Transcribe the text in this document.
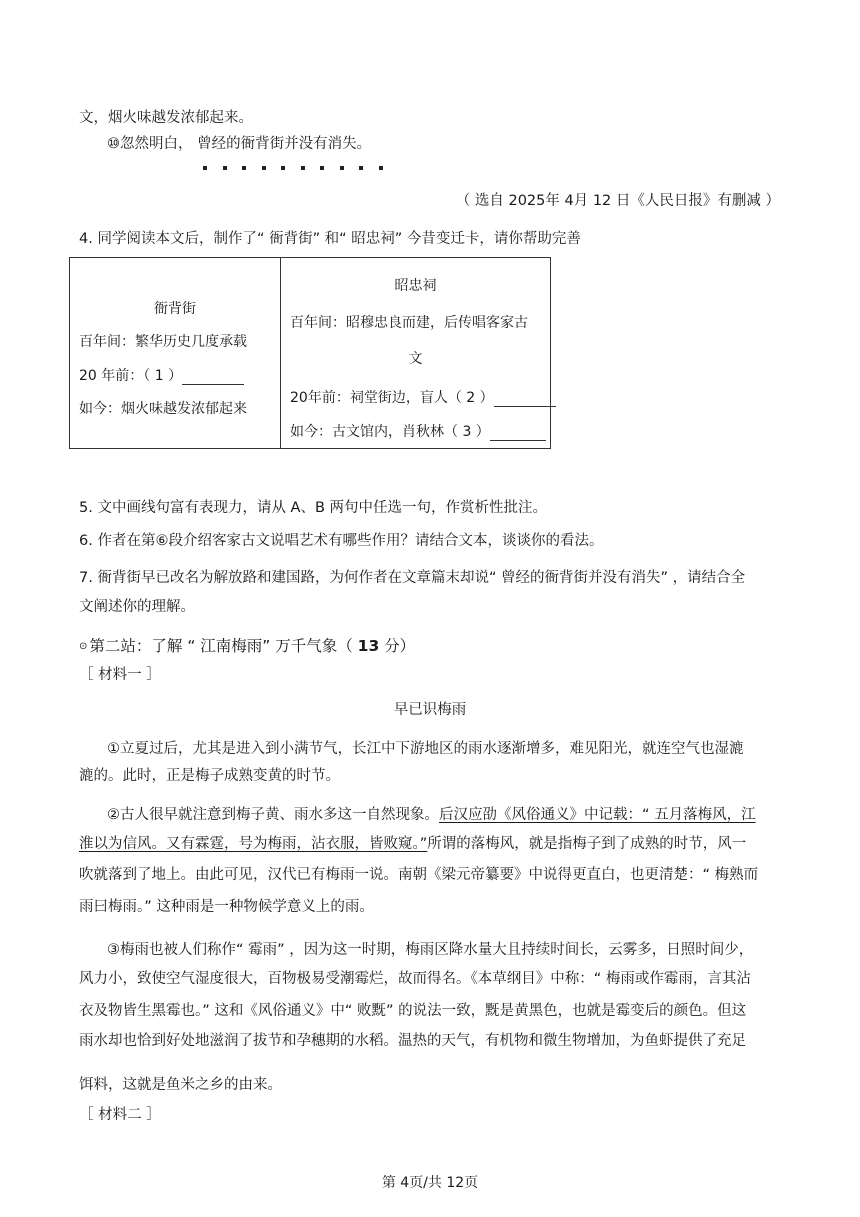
文，烟火味越发浓郁起来。
⑩忽然明白， 曾经的衙背街并没有消失。
（ 选自 2025年 4月 12 日《人民日报》有删减 ）
4. 同学阅读本文后，制作了“ 衙背街” 和“ 昭忠祠” 今昔变迁卡，请你帮助完善
衙背街
百年间：繁华历史几度承载
20 年前：（ 1 ）
如今：烟火味越发浓郁起来

昭忠祠
百年间：昭穆忠良而建，后传唱客家古
文
20年前：祠堂街边，盲人（ 2 ）
如今：古文馆内，肖秋林（ 3 ）
5. 文中画线句富有表现力，请从 A、B 两句中任选一句，作赏析性批注。
6. 作者在第⑥段介绍客家古文说唱艺术有哪些作用？请结合文本，谈谈你的看法。
7. 衙背街早已改名为解放路和建国路，为何作者在文章篇末却说“ 曾经的衙背街并没有消失” ，请结合全
文阐述你的理解。
⊙ 第二站：了解 “ 江南梅雨” 万千气象（ 13 分）
［ 材料一 ］
早已识梅雨
①立夏过后，尤其是进入到小满节气，长江中下游地区的雨水逐渐增多，难见阳光，就连空气也湿漉
漉的。此时，正是梅子成熟变黄的时节。
②古人很早就注意到梅子黄、雨水多这一自然现象。后汉应劭《风俗通义》中记载：“ 五月落梅风，江
淮以为信风。又有霖霆，号为梅雨，沾衣服，皆败窥。”所谓的落梅风，就是指梅子到了成熟的时节，风一
吹就落到了地上。由此可见，汉代已有梅雨一说。南朝《梁元帝纂要》中说得更直白，也更清楚：“ 梅熟而
雨曰梅雨。” 这种雨是一种物候学意义上的雨。
③梅雨也被人们称作“ 霉雨” ，因为这一时期，梅雨区降水量大且持续时间长，云雾多，日照时间少，
风力小，致使空气湿度很大，百物极易受潮霉烂，故而得名。《本草纲目》中称：“ 梅雨或作霉雨，言其沾
衣及物皆生黑霉也。” 这和《风俗通义》中“ 败黖” 的说法一致，黖是黄黑色，也就是霉变后的颜色。但这
雨水却也恰到好处地滋润了拔节和孕穗期的水稻。温热的天气，有机物和微生物增加，为鱼虾提供了充足
饵料，这就是鱼米之乡的由来。
［ 材料二 ］
第 4页/共 12页
